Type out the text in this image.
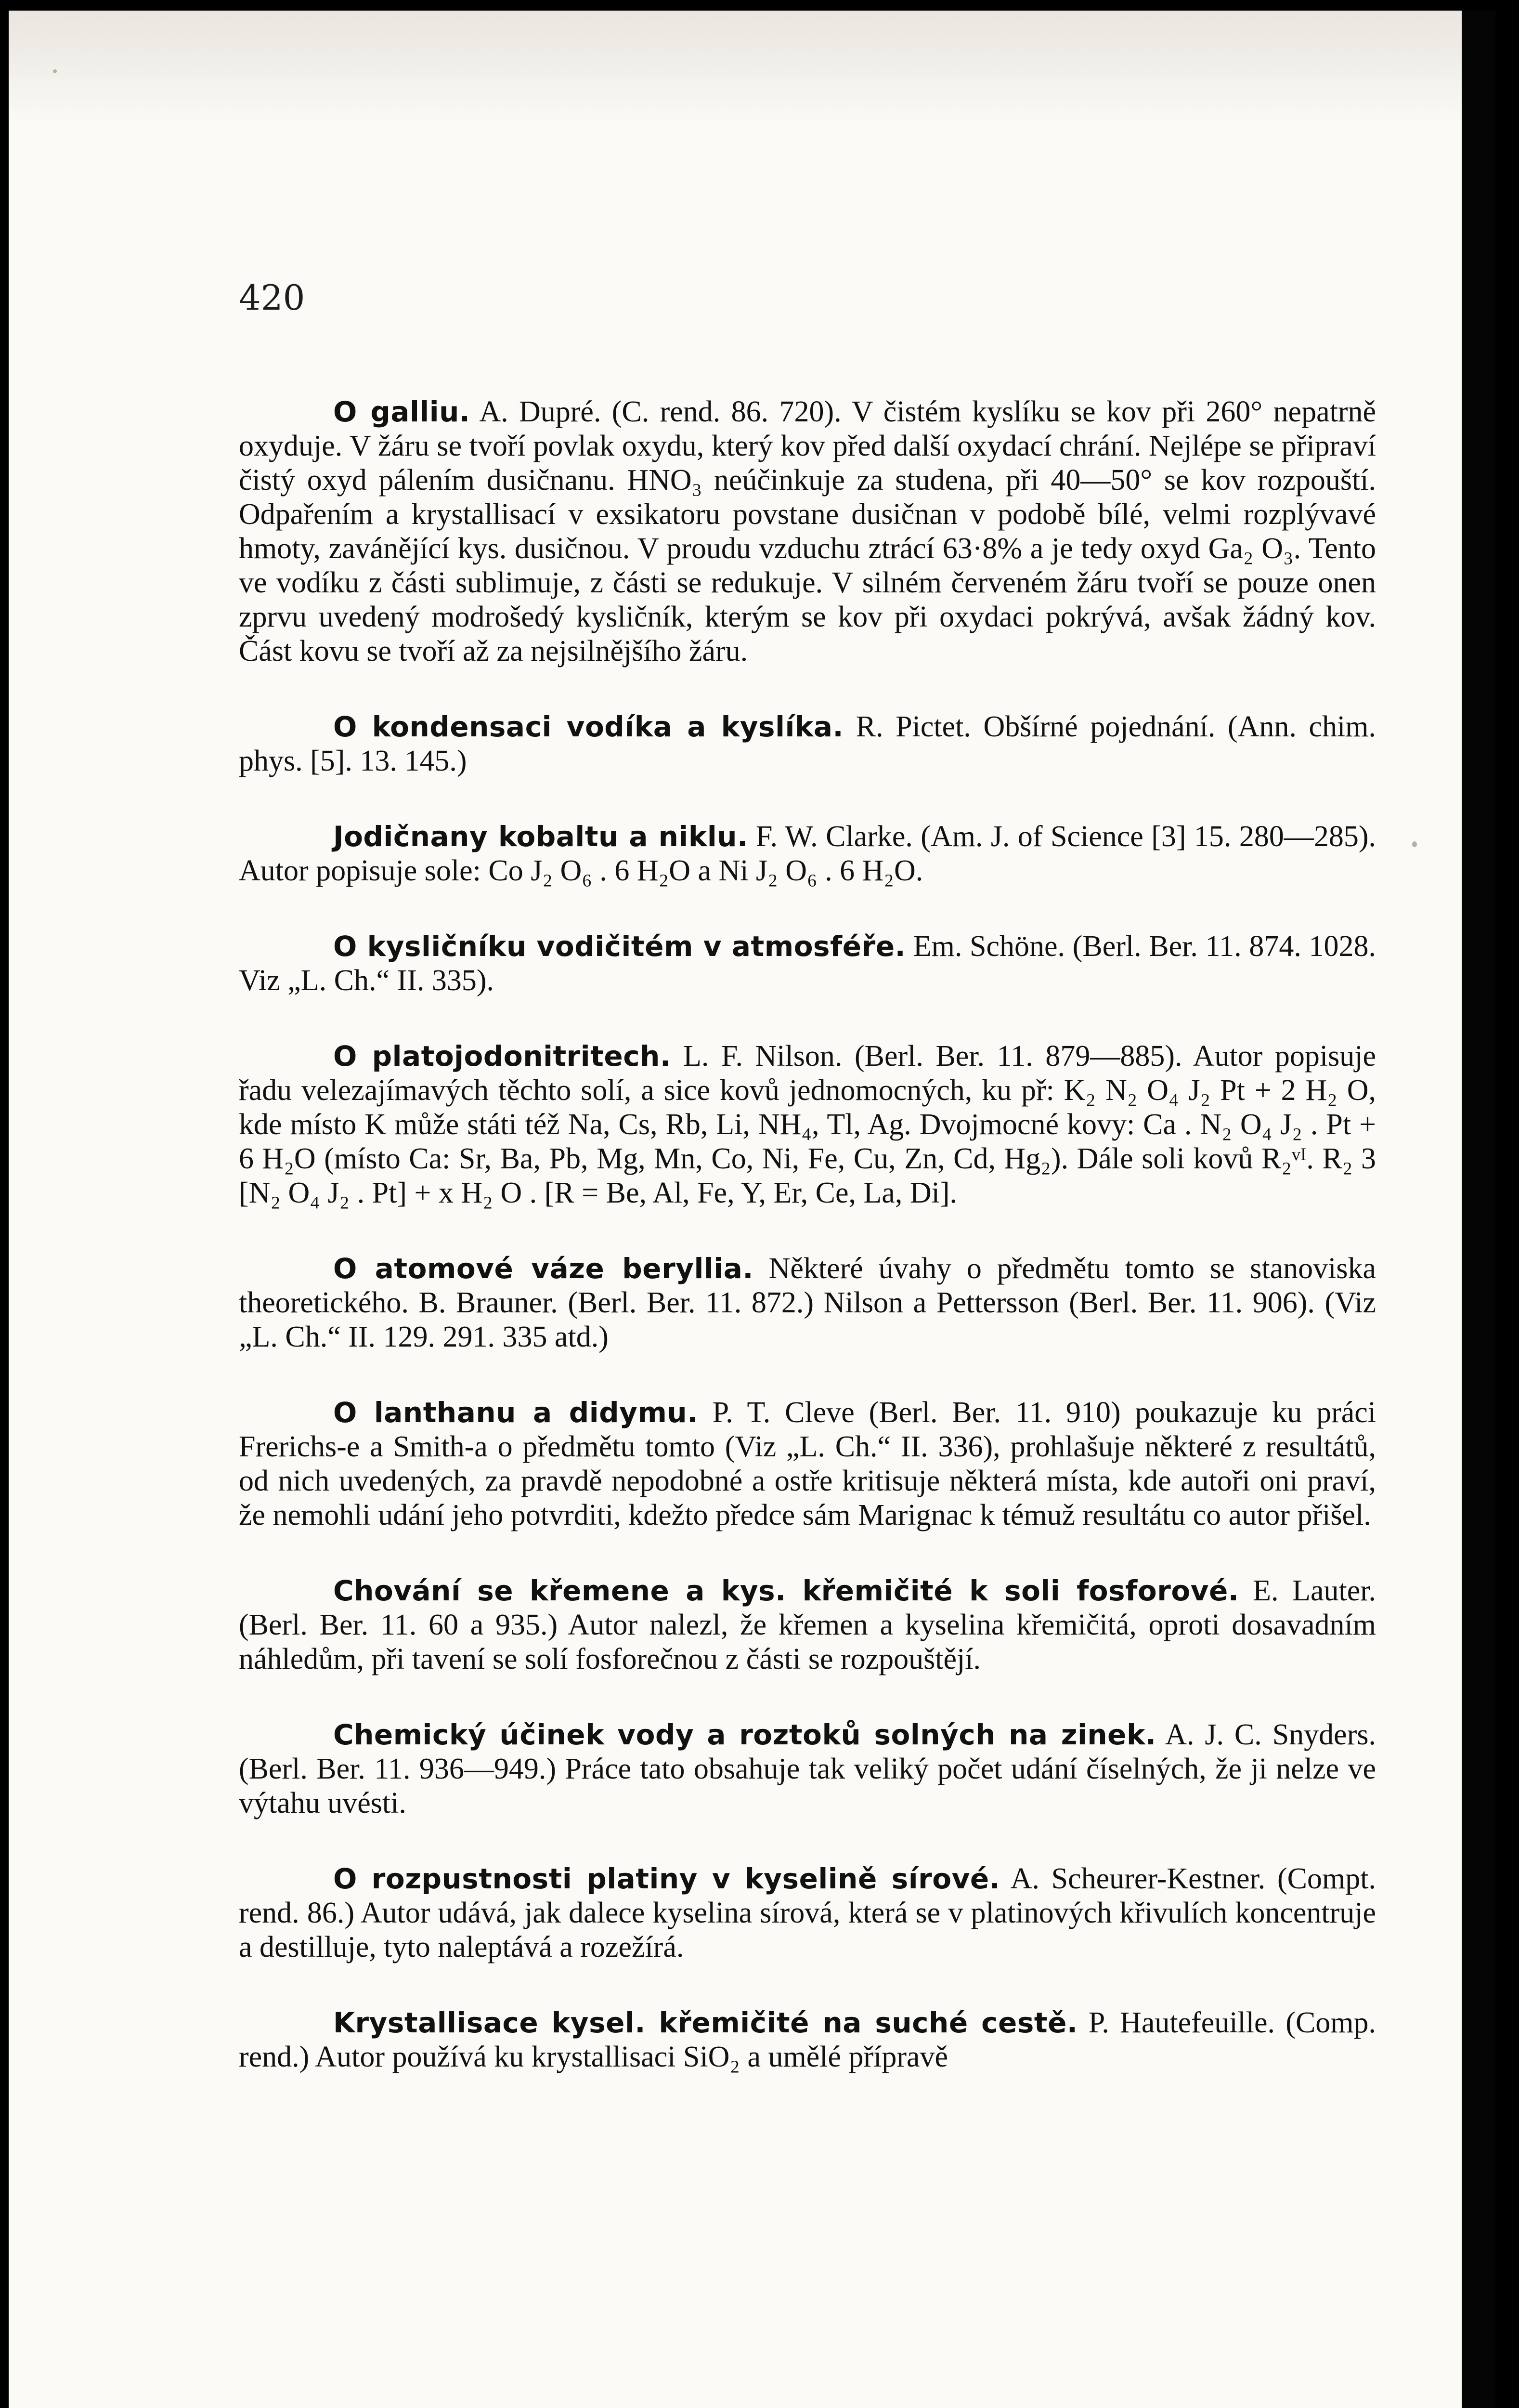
420

O galliu. A. Dupré. (C. rend. 86. 720). V čistém kyslíku se kov při 260° nepatrně oxyduje. V žáru se tvoří povlak oxydu, který kov před další oxydací chrání. Nejlépe se připraví čistý oxyd pálením dusičnanu. HNO₃ neúčinkuje za studena, při 40—50° se kov rozpouští. Odpařením a krystallisací v exsikatoru povstane dusičnan v podobě bílé, velmi rozplývavé hmoty, zavánějící kys. dusičnou. V proudu vzduchu ztrácí 63·8% a je tedy oxyd Ga₂ O₃. Tento ve vodíku z části sublimuje, z části se redukuje. V silném červeném žáru tvoří se pouze onen zprvu uvedený modrošedý kysličník, kterým se kov při oxydaci pokrývá, avšak žádný kov. Část kovu se tvoří až za nejsilnějšího žáru.

O kondensaci vodíka a kyslíka. R. Pictet. Obšírné pojednání. (Ann. chim. phys. [5]. 13. 145.)

Jodičnany kobaltu a niklu. F. W. Clarke. (Am. J. of Science [3] 15. 280—285). Autor popisuje sole: Co J₂ O₆ . 6 H₂O a Ni J₂ O₆ . 6 H₂O.

O kysličníku vodičitém v atmosféře. Em. Schöne. (Berl. Ber. 11. 874. 1028. Viz „L. Ch.“ II. 335).

O platojodonitritech. L. F. Nilson. (Berl. Ber. 11. 879—885). Autor popisuje řadu velezajímavých těchto solí, a sice kovů jednomocných, ku př: K₂ N₂ O₄ J₂ Pt + 2 H₂ O, kde místo K může státi též Na, Cs, Rb, Li, NH₄, Tl, Ag. Dvojmocné kovy: Ca . N₂ O₄ J₂ . Pt + 6 H₂O (místo Ca: Sr, Ba, Pb, Mg, Mn, Co, Ni, Fe, Cu, Zn, Cd, Hg₂). Dále soli kovů R₂ᵛᴵ. R₂ 3 [N₂ O₄ J₂ . Pt] + x H₂ O . [R = Be, Al, Fe, Y, Er, Ce, La, Di].

O atomové váze beryllia. Některé úvahy o předmětu tomto se stanoviska theoretického. B. Brauner. (Berl. Ber. 11. 872.) Nilson a Pettersson (Berl. Ber. 11. 906). (Viz „L. Ch.“ II. 129. 291. 335 atd.)

O lanthanu a didymu. P. T. Cleve (Berl. Ber. 11. 910) poukazuje ku práci Frerichs-e a Smith-a o předmětu tomto (Viz „L. Ch.“ II. 336), prohlašuje některé z resultátů, od nich uvedených, za pravdě nepodobné a ostře kritisuje některá místa, kde autoři oni praví, že nemohli udání jeho potvrditi, kdežto předce sám Marignac k témuž resultátu co autor přišel.

Chování se křemene a kys. křemičité k soli fosforové. E. Lauter. (Berl. Ber. 11. 60 a 935.) Autor nalezl, že křemen a kyselina křemičitá, oproti dosavadním náhledům, při tavení se solí fosforečnou z části se rozpouštějí.

Chemický účinek vody a roztoků solných na zinek. A. J. C. Snyders. (Berl. Ber. 11. 936—949.) Práce tato obsahuje tak veliký počet udání číselných, že ji nelze ve výtahu uvésti.

O rozpustnosti platiny v kyselině sírové. A. Scheurer-Kestner. (Compt. rend. 86.) Autor udává, jak dalece kyselina sírová, která se v platinových křivulích koncentruje a destilluje, tyto naleptává a rozežírá.

Krystallisace kysel. křemičité na suché cestě. P. Hautefeuille. (Comp. rend.) Autor používá ku krystallisaci SiO₂ a umělé přípravě
